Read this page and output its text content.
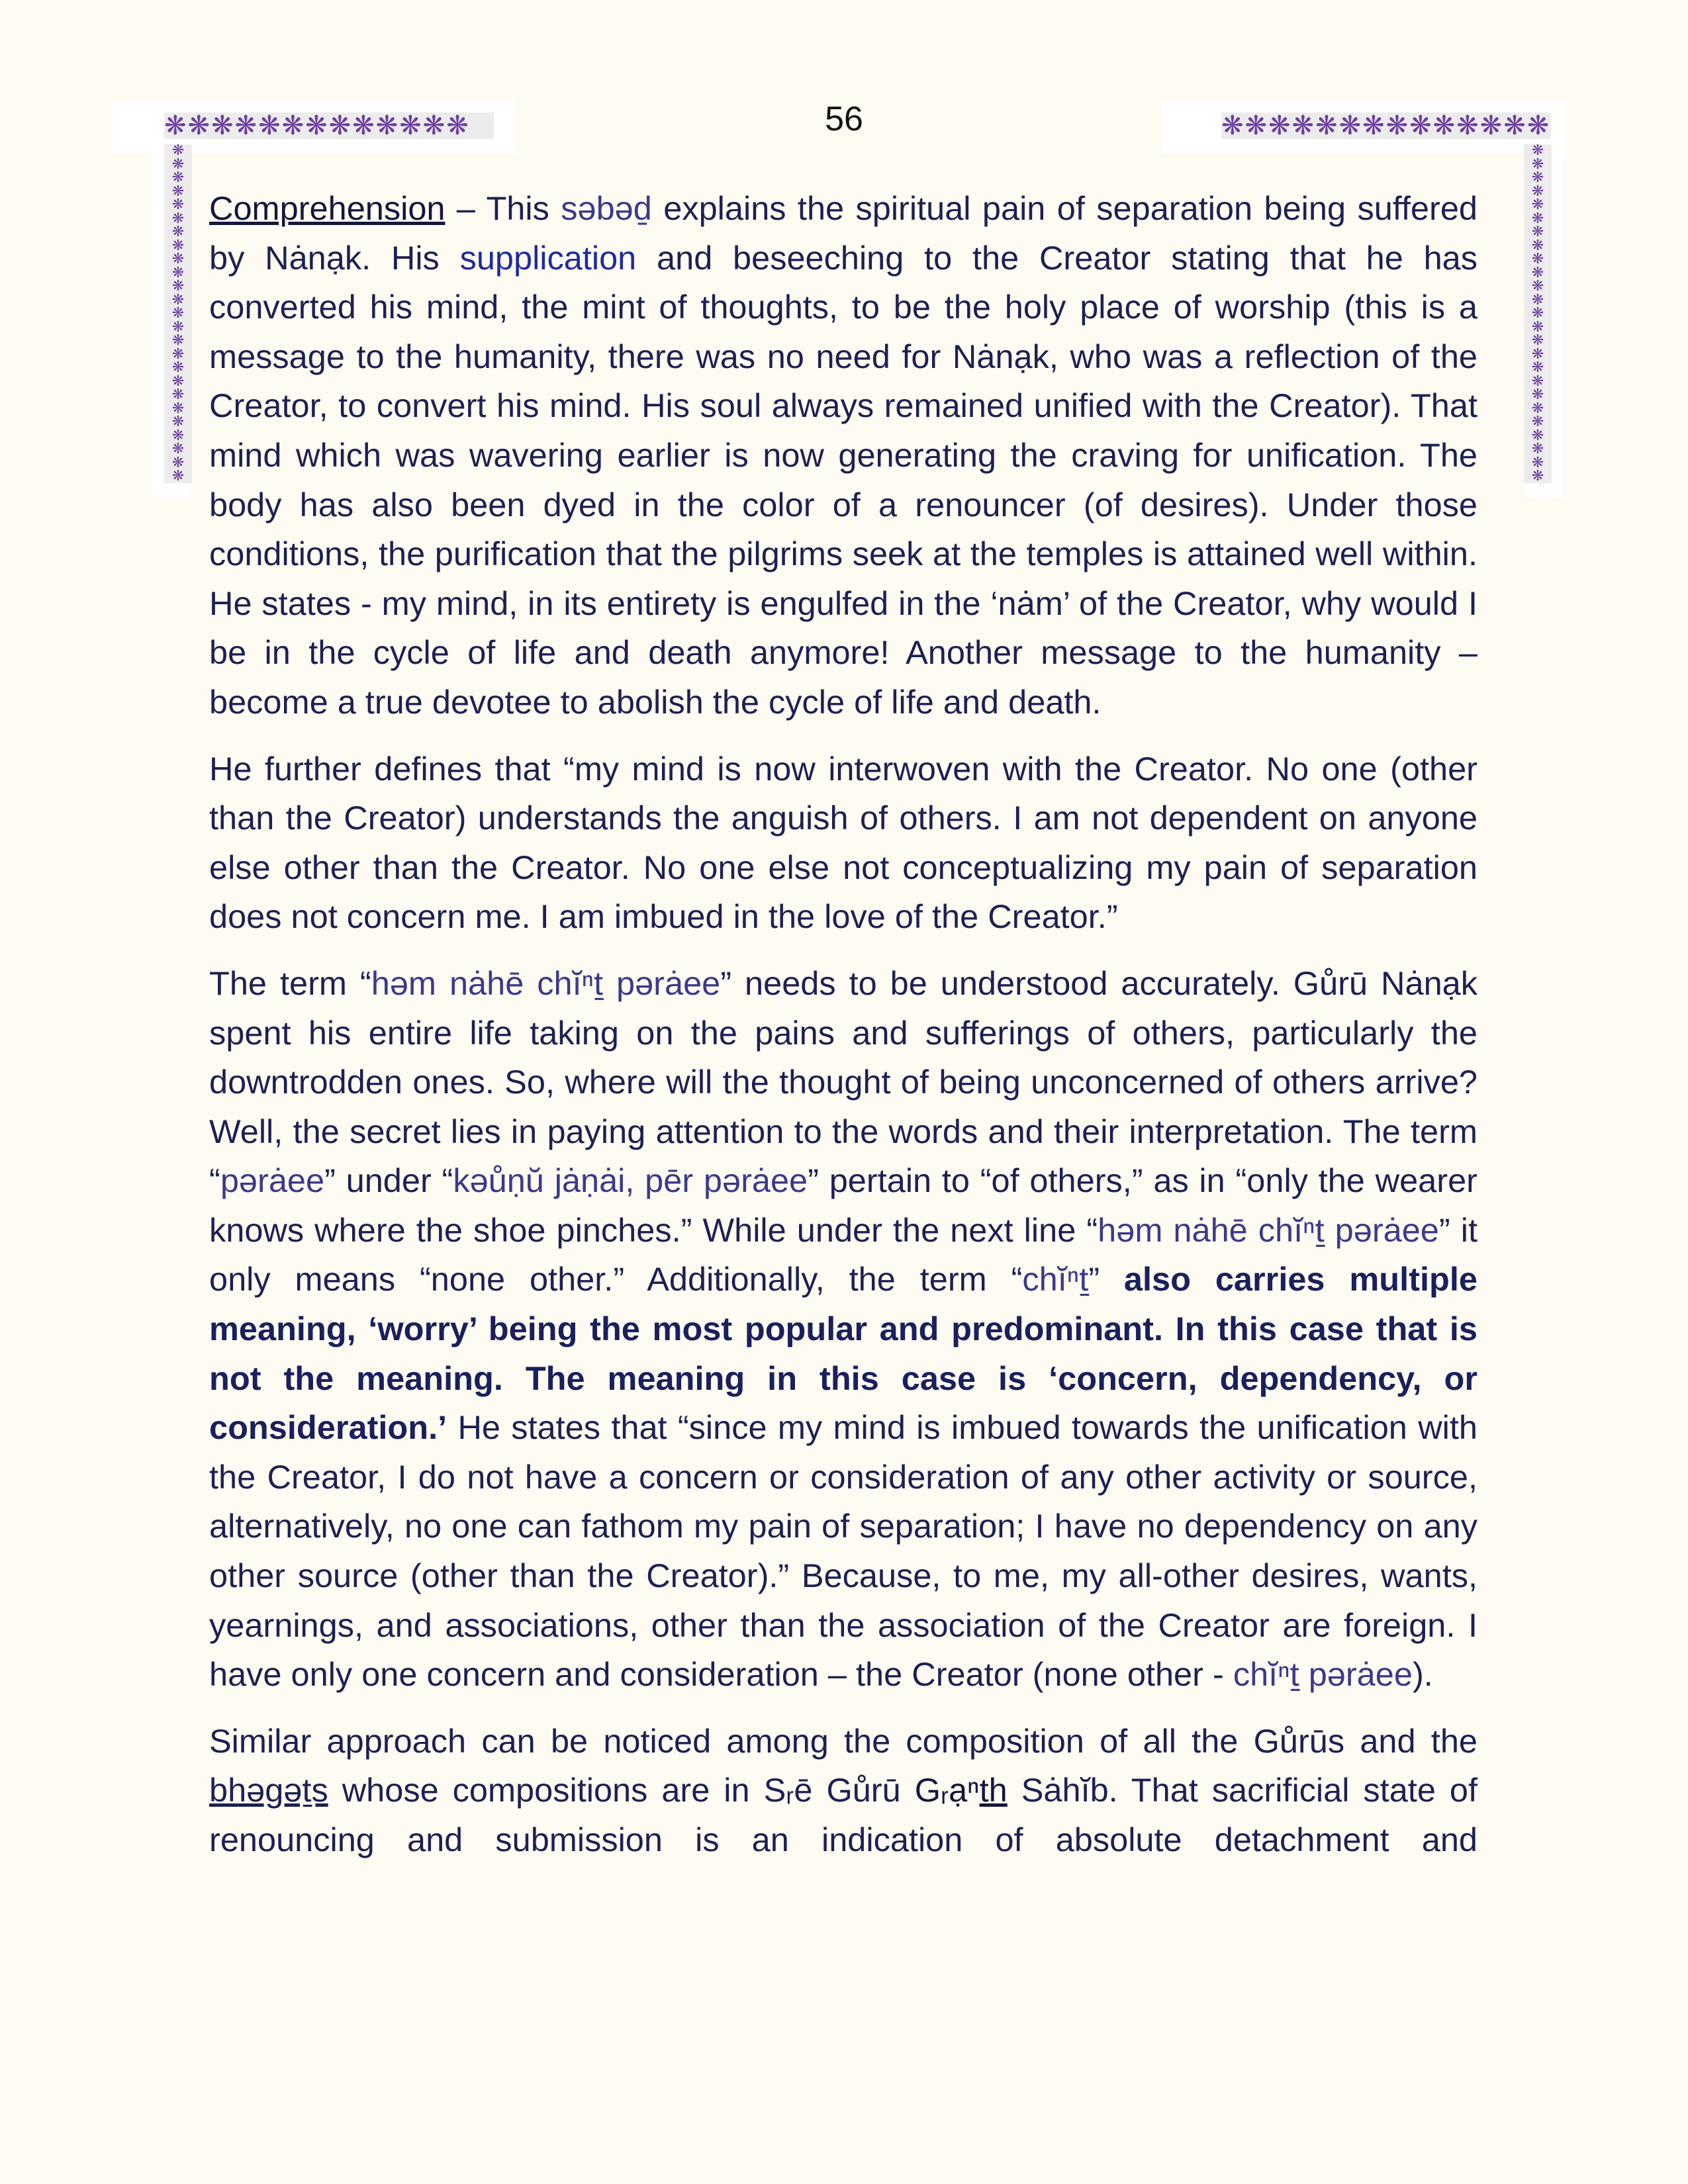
❋❋❋❋❋❋❋❋❋❋❋❋❋
❋
❋
❋
❋
❋
❋
❋
❋
❋
❋
❋
❋
❋
❋
❋
❋
❋
❋
❋
❋
❋
❋
❋
❋
❋
❋❋❋❋❋❋❋❋❋❋❋❋❋❋
❋
❋
❋
❋
❋
❋
❋
❋
❋
❋
❋
❋
❋
❋
❋
❋
❋
❋
❋
❋
❋
❋
❋
❋
❋
56

Comprehension – This səbəḏ explains the spiritual pain of separation being suffered by Nȧnạk. His supplication and beseeching to the Creator stating that he has converted his mind, the mint of thoughts, to be the holy place of worship (this is a message to the humanity, there was no need for Nȧnạk, who was a reflection of the Creator, to convert his mind. His soul always remained unified with the Creator). That mind which was wavering earlier is now generating the craving for unification. The body has also been dyed in the color of a renouncer (of desires). Under those conditions, the purification that the pilgrims seek at the temples is attained well within. He states - my mind, in its entirety is engulfed in the ‘nȧm’ of the Creator, why would I be in the cycle of life and death anymore! Another message to the humanity – become a true devotee to abolish the cycle of life and death.

He further defines that “my mind is now interwoven with the Creator. No one (other than the Creator) understands the anguish of others. I am not dependent on anyone else other than the Creator. No one else not conceptualizing my pain of separation does not concern me. I am imbued in the love of the Creator.”

The term “həm nȧhē chĭⁿṯ pərȧee” needs to be understood accurately. Gůrū Nȧnạk spent his entire life taking on the pains and sufferings of others, particularly the downtrodden ones. So, where will the thought of being unconcerned of others arrive? Well, the secret lies in paying attention to the words and their interpretation. The term “pərȧee” under “kəůṇŭ jȧṇȧi, pēr pərȧee” pertain to “of others,” as in “only the wearer knows where the shoe pinches.” While under the next line “həm nȧhē chĭⁿṯ pərȧee” it only means “none other.” Additionally, the term “chĭⁿṯ” also carries multiple meaning, ‘worry’ being the most popular and predominant. In this case that is not the meaning. The meaning in this case is ‘concern, dependency, or consideration.’ He states that “since my mind is imbued towards the unification with the Creator, I do not have a concern or consideration of any other activity or source, alternatively, no one can fathom my pain of separation; I have no dependency on any other source (other than the Creator).” Because, to me, my all-other desires, wants, yearnings, and associations, other than the association of the Creator are foreign. I have only one concern and consideration – the Creator (none other - chĭⁿṯ pərȧee).

Similar approach can be noticed among the composition of all the Gůrūs and the bhəgəṯs whose compositions are in Sᵣē Gůrū Gᵣạⁿth Sȧhĭb. That sacrificial state of renouncing and submission is an indication of absolute detachment and
